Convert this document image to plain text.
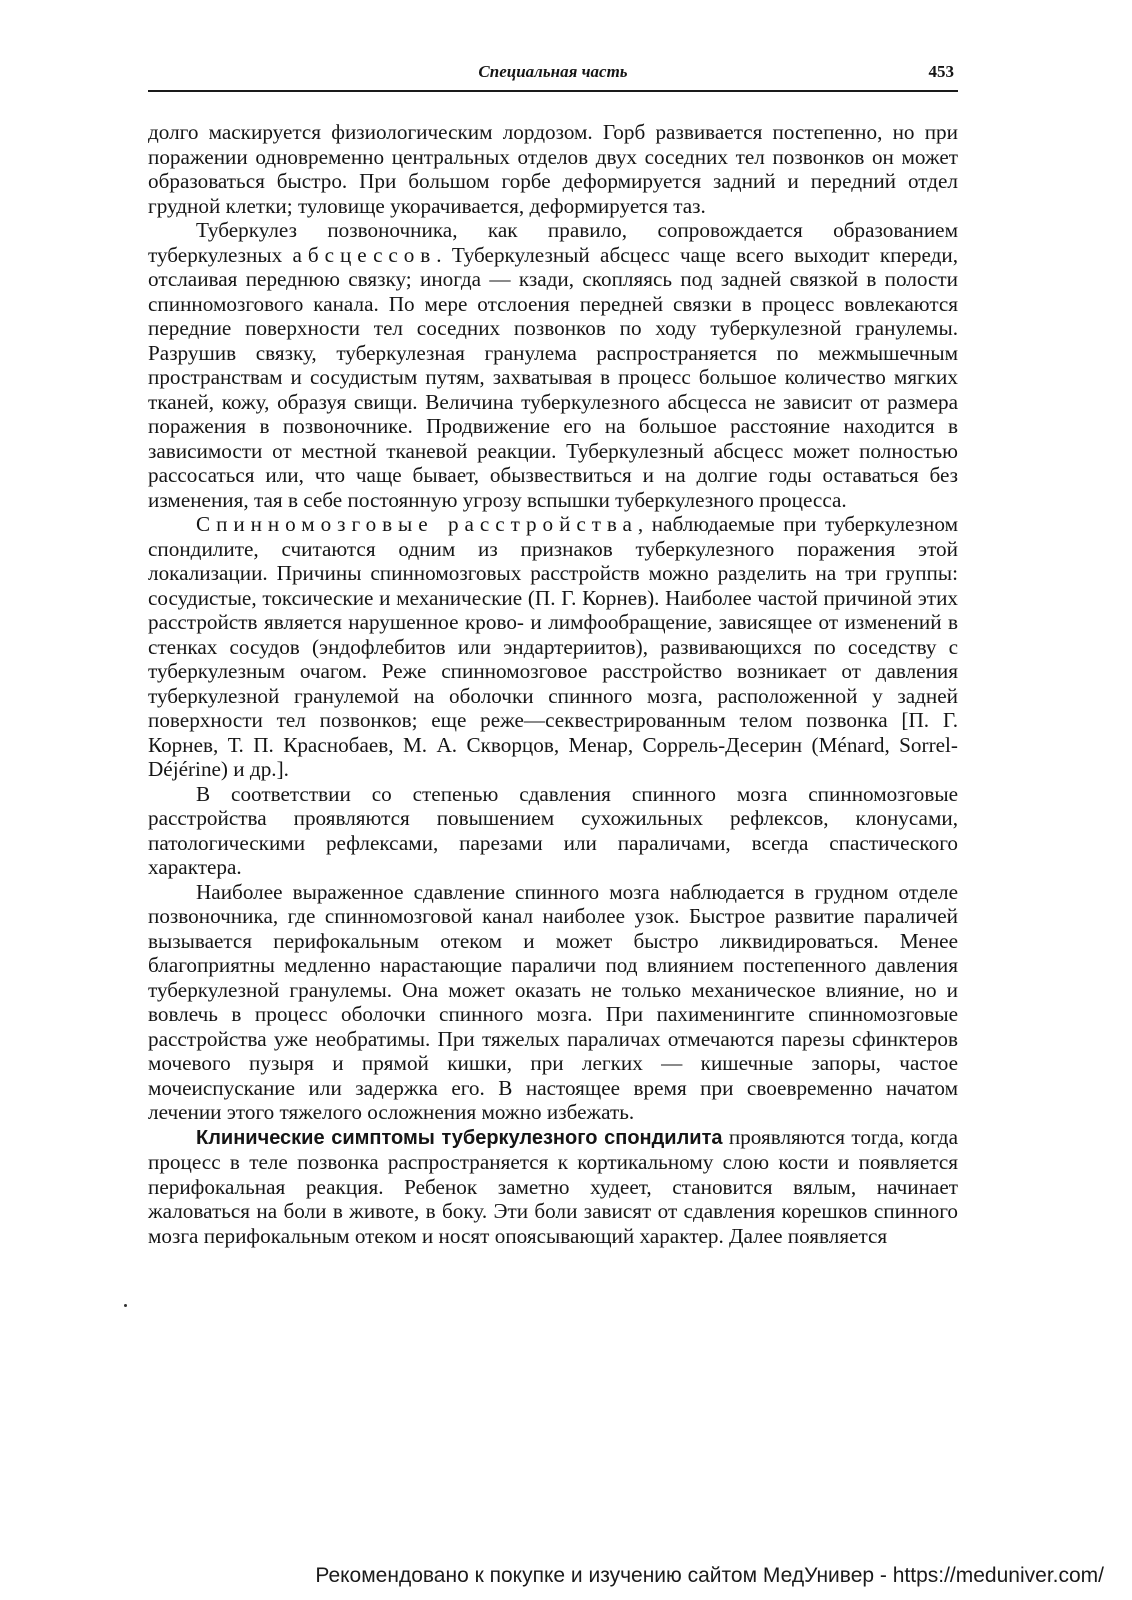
Специальная часть	453

долго маскируется физиологическим лордозом. Горб развивается постепенно, но при поражении одновременно центральных отделов двух соседних тел позвонков он может образоваться быстро. При большом горбе деформируется задний и передний отдел грудной клетки; туловище укорачивается, деформируется таз.

Туберкулез позвоночника, как правило, сопровождается образованием туберкулезных абсцессов. Туберкулезный абсцесс чаще всего выходит кпереди, отслаивая переднюю связку; иногда — кзади, скопляясь под задней связкой в полости спинномозгового канала. По мере отслоения передней связки в процесс вовлекаются передние поверхности тел соседних позвонков по ходу туберкулезной гранулемы. Разрушив связку, туберкулезная гранулема распространяется по межмышечным пространствам и сосудистым путям, захватывая в процесс большое количество мягких тканей, кожу, образуя свищи. Величина туберкулезного абсцесса не зависит от размера поражения в позвоночнике. Продвижение его на большое расстояние находится в зависимости от местной тканевой реакции. Туберкулезный абсцесс может полностью рассосаться или, что чаще бывает, обызвествиться и на долгие годы оставаться без изменения, тая в себе постоянную угрозу вспышки туберкулезного процесса.

Спинномозговые расстройства, наблюдаемые при туберкулезном спондилите, считаются одним из признаков туберкулезного поражения этой локализации. Причины спинномозговых расстройств можно разделить на три группы: сосудистые, токсические и механические (П. Г. Корнев). Наиболее частой причиной этих расстройств является нарушенное крово- и лимфообращение, зависящее от изменений в стенках сосудов (эндофлебитов или эндартериитов), развивающихся по соседству с туберкулезным очагом. Реже спинномозговое расстройство возникает от давления туберкулезной гранулемой на оболочки спинного мозга, расположенной у задней поверхности тел позвонков; еще реже—секвестрированным телом позвонка [П. Г. Корнев, Т. П. Краснобаев, М. А. Скворцов, Менар, Соррель-Десерин (Ménard, Sorrel-Déjérine) и др.].

В соответствии со степенью сдавления спинного мозга спинномозговые расстройства проявляются повышением сухожильных рефлексов, клонусами, патологическими рефлексами, парезами или параличами, всегда спастического характера.

Наиболее выраженное сдавление спинного мозга наблюдается в грудном отделе позвоночника, где спинномозговой канал наиболее узок. Быстрое развитие параличей вызывается перифокальным отеком и может быстро ликвидироваться. Менее благоприятны медленно нарастающие параличи под влиянием постепенного давления туберкулезной гранулемы. Она может оказать не только механическое влияние, но и вовлечь в процесс оболочки спинного мозга. При пахименингите спинномозговые расстройства уже необратимы. При тяжелых параличах отмечаются парезы сфинктеров мочевого пузыря и прямой кишки, при легких — кишечные запоры, частое мочеиспускание или задержка его. В настоящее время при своевременно начатом лечении этого тяжелого осложнения можно избежать.

Клинические симптомы туберкулезного спондилита проявляются тогда, когда процесс в теле позвонка распространяется к кортикальному слою кости и появляется перифокальная реакция. Ребенок заметно худеет, становится вялым, начинает жаловаться на боли в животе, в боку. Эти боли зависят от сдавления корешков спинного мозга перифокальным отеком и носят опоясывающий характер. Далее появляется

Рекомендовано к покупке и изучению сайтом МедУнивер - https://meduniver.com/
